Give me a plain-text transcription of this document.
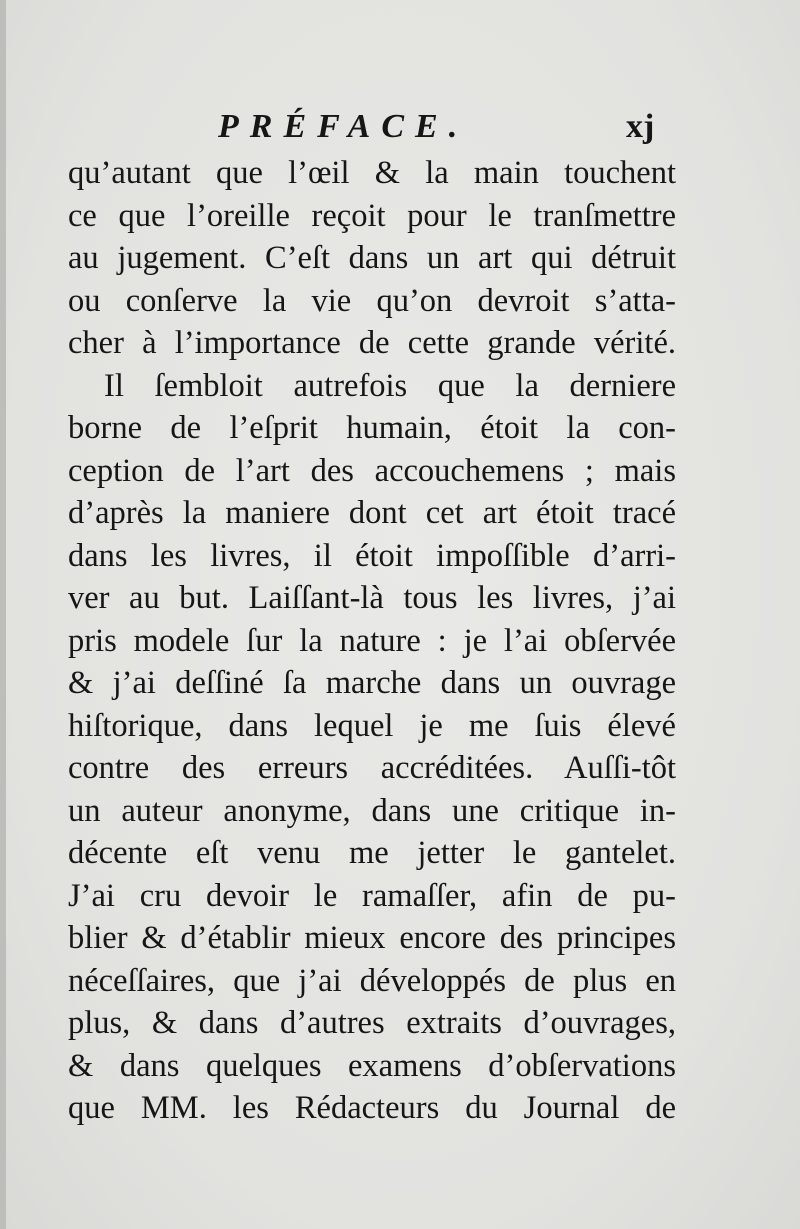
PRÉFACE.	xj
qu’autant que l’œil & la main touchent
ce que l’oreille reçoit pour le tranſmettre
au jugement. C’eſt dans un art qui détruit
ou conſerve la vie qu’on devroit s’atta-
cher à l’importance de cette grande vérité.
Il ſembloit autrefois que la derniere
borne de l’eſprit humain, étoit la con-
ception de l’art des accouchemens ; mais
d’après la maniere dont cet art étoit tracé
dans les livres, il étoit impoſſible d’arri-
ver au but. Laiſſant-là tous les livres, j’ai
pris modele ſur la nature : je l’ai obſervée
& j’ai deſſiné ſa marche dans un ouvrage
hiſtorique, dans lequel je me ſuis élevé
contre des erreurs accréditées. Auſſi-tôt
un auteur anonyme, dans une critique in-
décente eſt venu me jetter le gantelet.
J’ai cru devoir le ramaſſer, afin de pu-
blier & d’établir mieux encore des principes
néceſſaires, que j’ai développés de plus en
plus, & dans d’autres extraits d’ouvrages,
& dans quelques examens d’obſervations
que MM. les Rédacteurs du Journal de
